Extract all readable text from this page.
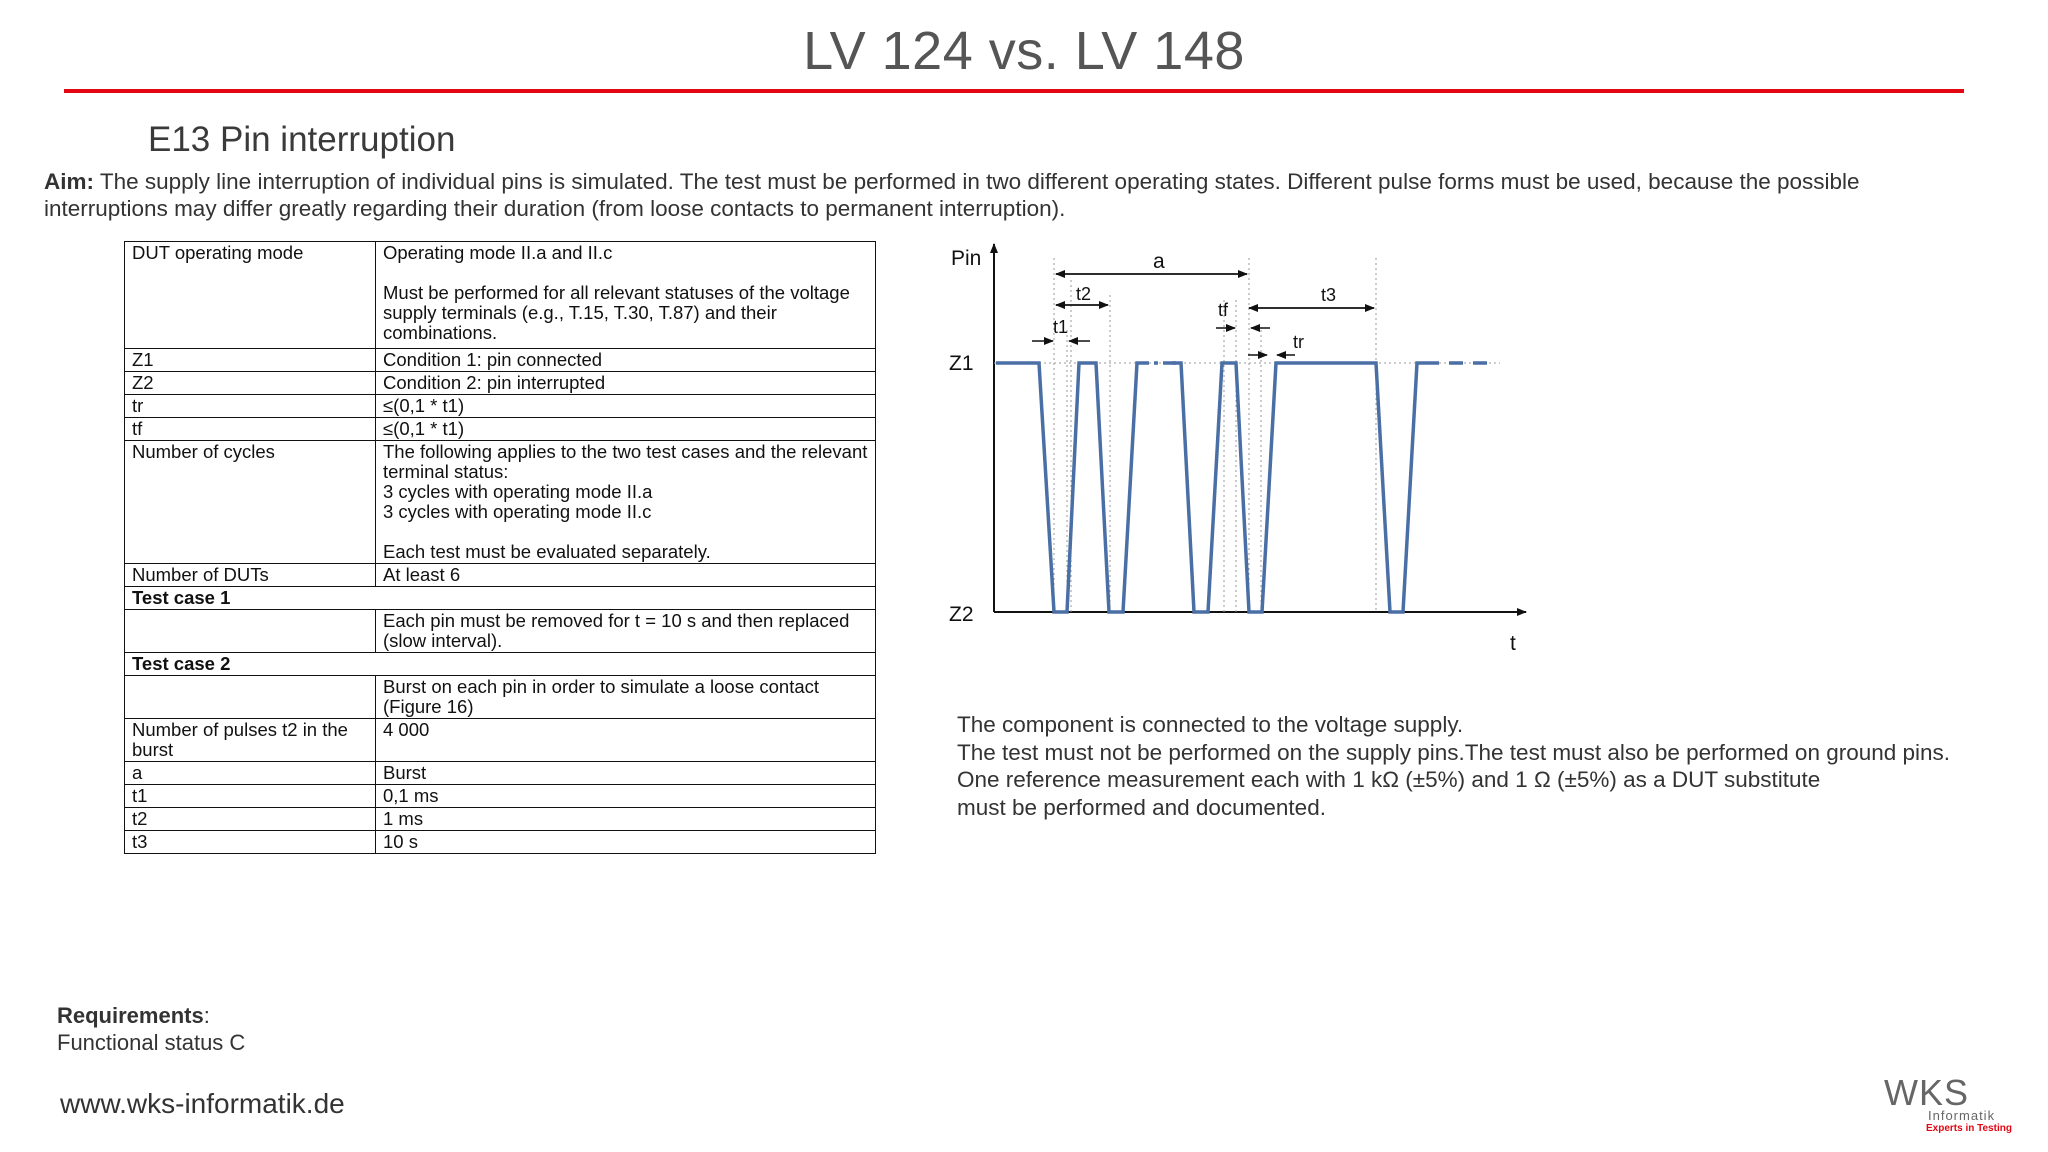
LV 124 vs. LV 148
E13 Pin interruption
Aim: The supply line interruption of individual pins is simulated. The test must be performed in two different operating states. Different pulse forms must be used, because the possible interruptions may differ greatly regarding their duration (from loose contacts to permanent interruption).
DUT operating mode	Operating mode II.a and II.c
Must be performed for all relevant statuses of the voltage supply terminals (e.g., T.15, T.30, T.87) and their combinations.
Z1	Condition 1: pin connected
Z2	Condition 2: pin interrupted
tr	≤(0,1 * t1)
tf	≤(0,1 * t1)
Number of cycles	The following applies to the two test cases and the relevant terminal status:
3 cycles with operating mode II.a
3 cycles with operating mode II.c
Each test must be evaluated separately.
Number of DUTs	At least 6
Test case 1	
	Each pin must be removed for t = 10 s and then replaced (slow interval).
Test case 2	
	Burst on each pin in order to simulate a loose contact (Figure 16)
Number of pulses t2 in the burst	4 000
a	Burst
t1	0,1 ms
t2	1 ms
t3	10 s
Pin
Z1
Z2
t
a
t2
t1
t3
tf
tr
The component is connected to the voltage supply.
The test must not be performed on the supply pins.The test must also be performed on ground pins.
One reference measurement each with 1 kΩ (±5%) and 1 Ω (±5%) as a DUT substitute
must be performed and documented.
Requirements:
Functional status C
www.wks-informatik.de	WKS
Informatik
Experts in Testing
